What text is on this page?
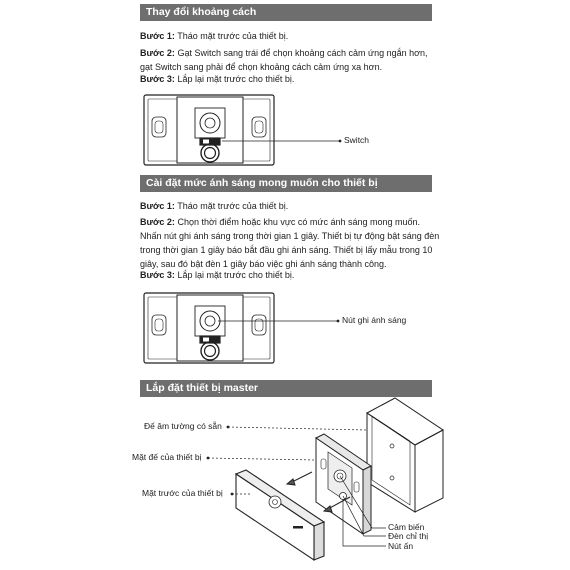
Thay đổi khoảng cách
Bước 1: Tháo mặt trước của thiết bị.
Bước 2: Gạt Switch sang trái để chọn khoảng cách cảm ứng ngắn hơn, gạt Switch sang phải để chọn khoảng cách cảm ứng xa hơn.
Bước 3: Lắp lại mặt trước cho thiết bị.
Switch
Cài đặt mức ánh sáng mong muốn cho thiết bị
Bước 1: Tháo mặt trước của thiết bị.
Bước 2: Chọn thời điểm hoặc khu vực có mức ánh sáng mong muốn. Nhấn nút ghi ánh sáng trong thời gian 1 giây. Thiết bị tự động bật sáng đèn trong thời gian 1 giây báo bắt đầu ghi ánh sáng. Thiết bị lấy mẫu trong 10 giây, sau đó bật đèn 1 giây báo việc ghi ánh sáng thành công.
Bước 3: Lắp lại mặt trước cho thiết bị.
Nút ghi ánh sáng
Lắp đặt thiết bị master
Đế âm tường có sẵn
Mặt đế của thiết bị
Mặt trước của thiết bị
Cảm biến
Đèn chỉ thị
Nút ấn
